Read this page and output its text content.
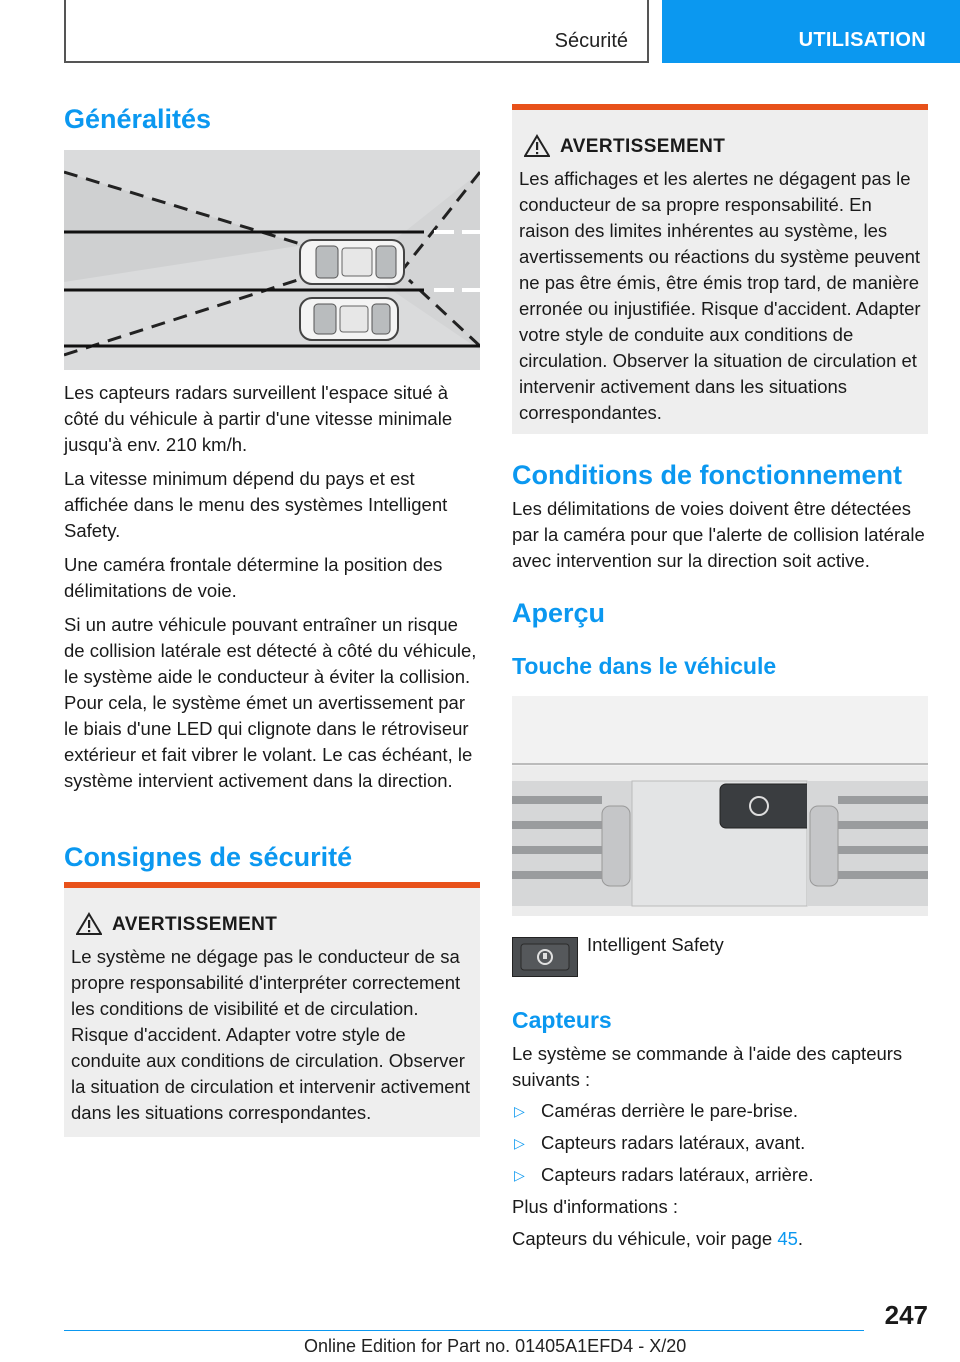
Sécurité	UTILISATION
Généralités

Les capteurs radars surveillent l'espace situé à côté du véhicule à partir d'une vitesse minimale jusqu'à env. 210 km/h.

La vitesse minimum dépend du pays et est affichée dans le menu des systèmes Intelligent Safety.

Une caméra frontale détermine la position des délimitations de voie.

Si un autre véhicule pouvant entraîner un risque de collision latérale est détecté à côté du véhicule, le système aide le conducteur à éviter la collision. Pour cela, le système émet un avertissement par le biais d'une LED qui clignote dans le rétroviseur extérieur et fait vibrer le volant. Le cas échéant, le système intervient activement dans la direction.

Consignes de sécurité
AVERTISSEMENT
Le système ne dégage pas le conducteur de sa propre responsabilité d'interpréter correctement les conditions de visibilité et de circulation. Risque d'accident. Adapter votre style de conduite aux conditions de circulation. Observer la situation de circulation et intervenir activement dans les situations correspondantes.
AVERTISSEMENT
Les affichages et les alertes ne dégagent pas le conducteur de sa propre responsabilité. En raison des limites inhérentes au système, les avertissements ou réactions du système peuvent ne pas être émis, être émis trop tard, de manière erronée ou injustifiée. Risque d'accident. Adapter votre style de conduite aux conditions de circulation. Observer la situation de circulation et intervenir activement dans les situations correspondantes.
Conditions de fonctionnement

Les délimitations de voies doivent être détectées par la caméra pour que l'alerte de collision latérale avec intervention sur la direction soit active.

Aperçu
Touche dans le véhicule
Intelligent Safety
Capteurs

Le système se commande à l'aide des capteurs suivants :

▷ Caméras derrière le pare-brise.
▷ Capteurs radars latéraux, avant.
▷ Capteurs radars latéraux, arrière.

Plus d'informations :

Capteurs du véhicule, voir page 45.

247
Online Edition for Part no. 01405A1EFD4 - X/20
